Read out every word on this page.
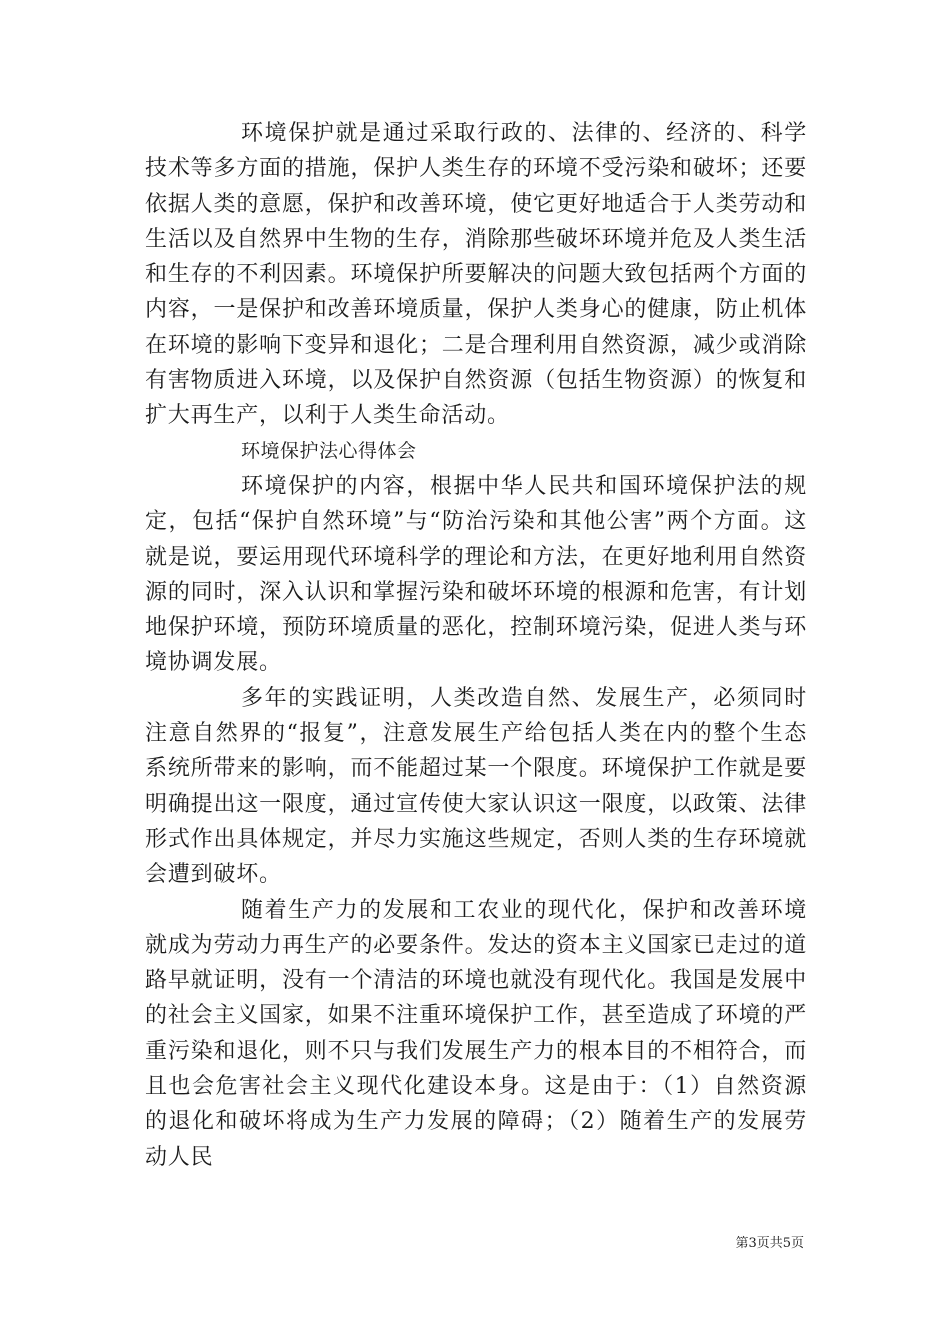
环境保护就是通过采取行政的、法律的、经济的、科学技术等多方面的措施，保护人类生存的环境不受污染和破坏；还要依据人类的意愿，保护和改善环境，使它更好地适合于人类劳动和生活以及自然界中生物的生存，消除那些破坏环境并危及人类生活和生存的不利因素。环境保护所要解决的问题大致包括两个方面的内容，一是保护和改善环境质量，保护人类身心的健康，防止机体在环境的影响下变异和退化；二是合理利用自然资源，减少或消除有害物质进入环境，以及保护自然资源（包括生物资源）的恢复和扩大再生产，以利于人类生命活动。

环境保护法心得体会

环境保护的内容，根据中华人民共和国环境保护法的规定，包括“保护自然环境”与“防治污染和其他公害”两个方面。这就是说，要运用现代环境科学的理论和方法，在更好地利用自然资源的同时，深入认识和掌握污染和破坏环境的根源和危害，有计划地保护环境，预防环境质量的恶化，控制环境污染，促进人类与环境协调发展。

多年的实践证明，人类改造自然、发展生产，必须同时注意自然界的“报复”，注意发展生产给包括人类在内的整个生态系统所带来的影响，而不能超过某一个限度。环境保护工作就是要明确提出这一限度，通过宣传使大家认识这一限度，以政策、法律形式作出具体规定，并尽力实施这些规定，否则人类的生存环境就会遭到破坏。

随着生产力的发展和工农业的现代化，保护和改善环境就成为劳动力再生产的必要条件。发达的资本主义国家已走过的道路早就证明，没有一个清洁的环境也就没有现代化。我国是发展中的社会主义国家，如果不注重环境保护工作，甚至造成了环境的严重污染和退化，则不只与我们发展生产力的根本目的不相符合，而且也会危害社会主义现代化建设本身。这是由于：（1）自然资源的退化和破坏将成为生产力发展的障碍；（2）随着生产的发展劳动人民

第3页共5页
